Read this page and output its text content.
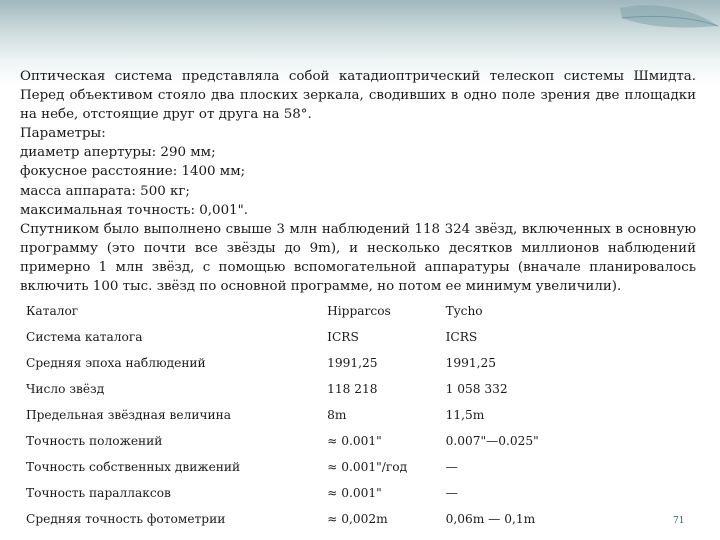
Оптическая система представляла собой катадиоптрический телескоп системы Шмидта. Перед объективом стояло два плоских зеркала, сводивших в одно поле зрения две площадки на небе, отстоящие друг от друга на 58°.

Параметры:

диаметр апертуры: 290 мм;

фокусное расстояние: 1400 мм;

масса аппарата: 500 кг;

максимальная точность: 0,001".

Спутником было выполнено свыше 3 млн наблюдений 118 324 звёзд, включенных в основную программу (это почти все звёзды до 9m), и несколько десятков миллионов наблюдений примерно 1 млн звёзд, с помощью вспомогательной аппаратуры (вначале планировалось включить 100 тыс. звёзд по основной программе, но потом ее минимум увеличили).

Каталог	Hipparcos	Tycho
Система каталога	ICRS	ICRS
Средняя эпоха наблюдений	1991,25	1991,25
Число звёзд	118 218	1 058 332
Предельная звёздная величина	8m	11,5m
Точность положений	≈ 0.001"	0.007"—0.025"
Точность собственных движений	≈ 0.001"/год	—
Точность параллаксов	≈ 0.001"	—
Средняя точность фотометрии	≈ 0,002m	0,06m — 0,1m	71
